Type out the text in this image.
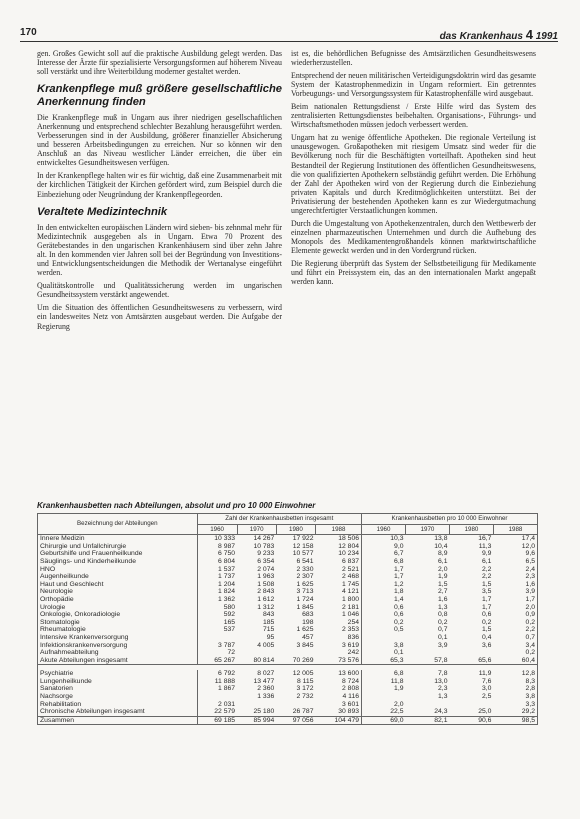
170	das Krankenhaus 4 1991

gen. Großes Gewicht soll auf die praktische Ausbildung gelegt werden. Das Interesse der Ärzte für spezialisierte Versorgungsformen auf höherem Niveau soll verstärkt und ihre Weiterbildung moderner gestaltet werden.

Krankenpflege muß größere gesellschaftliche Anerkennung finden

Die Krankenpflege muß in Ungarn aus ihrer niedrigen gesellschaftlichen Anerkennung und entsprechend schlechter Bezahlung herausgeführt werden. Verbesserungen sind in der Ausbildung, größerer finanzieller Absicherung und besseren Arbeitsbedingungen zu erreichen. Nur so können wir den Anschluß an das Niveau westlicher Länder erreichen, die über ein entwickeltes Gesundheitswesen verfügen.

In der Krankenpflege halten wir es für wichtig, daß eine Zusammenarbeit mit der kirchlichen Tätigkeit der Kirchen gefördert wird, zum Beispiel durch die Einbeziehung oder Neugründung der Krankenpflegeorden.

Veraltete Medizintechnik

In den entwickelten europäischen Ländern wird sieben- bis zehnmal mehr für Medizintechnik ausgegeben als in Ungarn. Etwa 70 Prozent des Gerätebestandes in den ungarischen Krankenhäusern sind über zehn Jahre alt. In den kommenden vier Jahren soll bei der Begründung von Investitions- und Entwicklungsentscheidungen die Methodik der Wertanalyse eingeführt werden.

Qualitätskontrolle und Qualitätssicherung werden im ungarischen Gesundheitssystem verstärkt angewendet.

Um die Situation des öffentlichen Gesundheitswesens zu verbessern, wird ein landesweites Netz von Amtsärzten ausgebaut werden. Die Aufgabe der Regierung

ist es, die behördlichen Befugnisse des Amtsärztlichen Gesundheitswesens wiederherzustellen.

Entsprechend der neuen militärischen Verteidigungsdoktrin wird das gesamte System der Katastrophenmedizin in Ungarn reformiert. Ein getrenntes Vorbeugungs- und Versorgungssystem für Katastrophenfälle wird ausgebaut.

Beim nationalen Rettungsdienst / Erste Hilfe wird das System des zentralisierten Rettungsdienstes beibehalten. Organisations-, Führungs- und Wirtschaftsmethoden müssen jedoch verbessert werden.

Ungarn hat zu wenige öffentliche Apotheken. Die regionale Verteilung ist unausgewogen. Großapotheken mit riesigem Umsatz sind weder für die Bevölkerung noch für die Beschäftigten vorteilhaft. Apotheken sind heut Bestandteil der Regierung Institutionen des öffentlichen Gesundheitswesens, die von qualifizierten Apothekern selbständig geführt werden. Die Erhöhung der Zahl der Apotheken wird von der Regierung durch die Einbeziehung privaten Kapitals und durch Kreditmöglichkeiten unterstützt. Bei der Privatisierung der bestehenden Apotheken kann es zur Wiedergutmachung ungerechtfertigter Verstaatlichungen kommen.

Durch die Umgestaltung von Apothekenzentralen, durch den Wettbewerb der einzelnen pharmazeutischen Unternehmen und durch die Aufhebung des Monopols des Medikamentengroßhandels können marktwirtschaftliche Elemente geweckt werden und in den Vordergrund rücken.

Die Regierung überprüft das System der Selbstbeteiligung für Medikamente und führt ein Preissystem ein, das an den internationalen Markt angepaßt werden kann.

Krankenhausbetten nach Abteilungen, absolut und pro 10 000 Einwohner
Bezeichnung der Abteilungen	Zahl der Krankenhausbetten insgesamt				Krankenhausbetten pro 10 000 Einwohner			
	1960	1970	1980	1988	1960	1970	1980	1988
Innere Medizin	10 333	14 267	17 922	18 506	10,3	13,8	16,7	17,4
Chirurgie und Unfallchirurgie	8 987	10 783	12 158	12 804	9,0	10,4	11,3	12,0
Geburtshilfe und Frauenheilkunde	6 750	9 233	10 577	10 234	6,7	8,9	9,9	9,6
Säuglings- und Kinderheilkunde	6 804	6 354	6 541	6 837	6,8	6,1	6,1	6,5
HNO	1 537	2 074	2 330	2 521	1,7	2,0	2,2	2,4
Augenheilkunde	1 737	1 963	2 307	2 468	1,7	1,9	2,2	2,3
Haut und Geschlecht	1 204	1 508	1 625	1 745	1,2	1,5	1,5	1,6
Neurologie	1 824	2 843	3 713	4 121	1,8	2,7	3,5	3,9
Orthopädie	1 362	1 612	1 724	1 800	1,4	1,6	1,7	1,7
Urologie	580	1 312	1 845	2 181	0,6	1,3	1,7	2,0
Onkologie, Onkoradiologie	592	843	683	1 046	0,6	0,8	0,6	0,9
Stomatologie	165	185	198	254	0,2	0,2	0,2	0,2
Rheumatologie	537	715	1 625	2 353	0,5	0,7	1,5	2,2
Intensive Krankenversorgung		95	457	836		0,1	0,4	0,7
Infektionskrankenversorgung	3 787	4 005	3 845	3 619	3,8	3,9	3,6	3,4
Aufnahmeabteilung	72			242	0,1			0,2
Akute Abteilungen insgesamt	65 267	80 814	70 269	73 576	65,3	57,8	65,6	60,4

Psychiatrie	6 792	8 027	12 005	13 600	6,8	7,8	11,9	12,8
Lungenheilkunde	11 888	13 477	8 115	8 724	11,8	13,0	7,6	8,3
Sanatorien	1 867	2 360	3 172	2 808	1,9	2,3	3,0	2,8
Nachsorge		1 336	2 732	4 116		1,3	2,5	3,8
Rehabilitation	2 031			3 601	2,0			3,3
Chronische Abteilungen insgesamt	22 579	25 180	26 787	30 893	22,5	24,3	25,0	29,2
Zusammen	69 185	85 994	97 056	104 479	69,0	82,1	90,6	98,5
